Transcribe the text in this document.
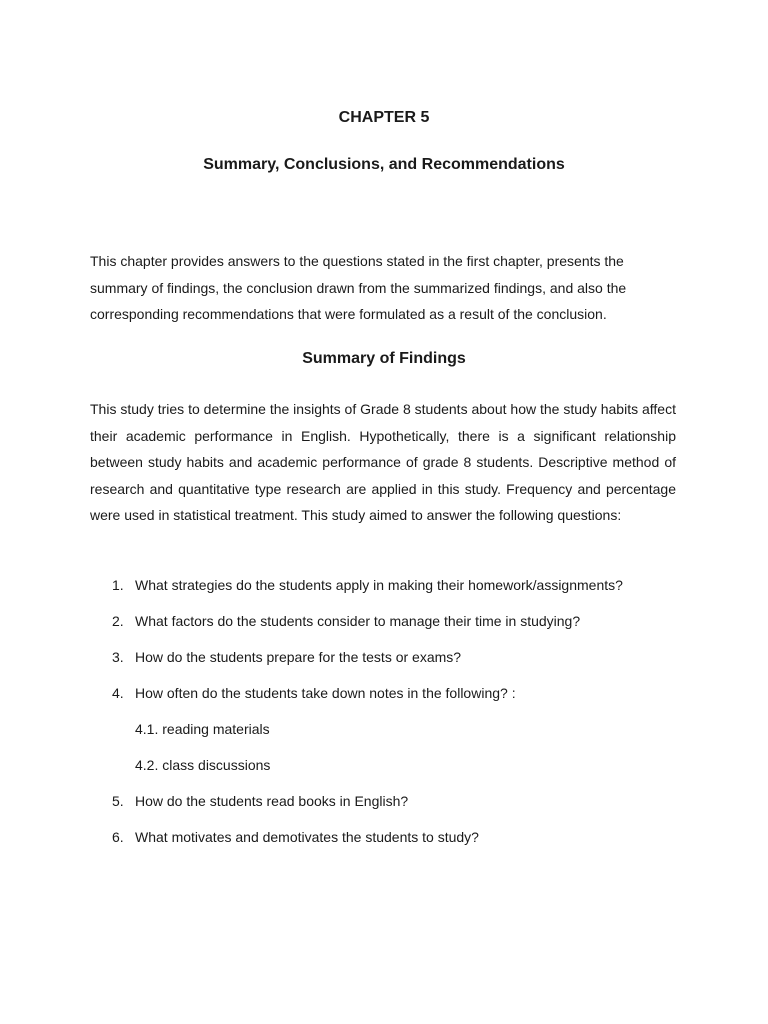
CHAPTER 5
Summary, Conclusions, and Recommendations

This chapter provides answers to the questions stated in the first chapter, presents the summary of findings, the conclusion drawn from the summarized findings, and also the corresponding recommendations that were formulated as a result of the conclusion.

Summary of Findings

This study tries to determine the insights of Grade 8 students about how the study habits affect their academic performance in English. Hypothetically, there is a significant relationship between study habits and academic performance of grade 8 students. Descriptive method of research and quantitative type research are applied in this study. Frequency and percentage were used in statistical treatment. This study aimed to answer the following questions:

1. What strategies do the students apply in making their homework/assignments?
2. What factors do the students consider to manage their time in studying?
3. How do the students prepare for the tests or exams?
4. How often do the students take down notes in the following? :
4.1. reading materials
4.2. class discussions
5. How do the students read books in English?
6. What motivates and demotivates the students to study?
